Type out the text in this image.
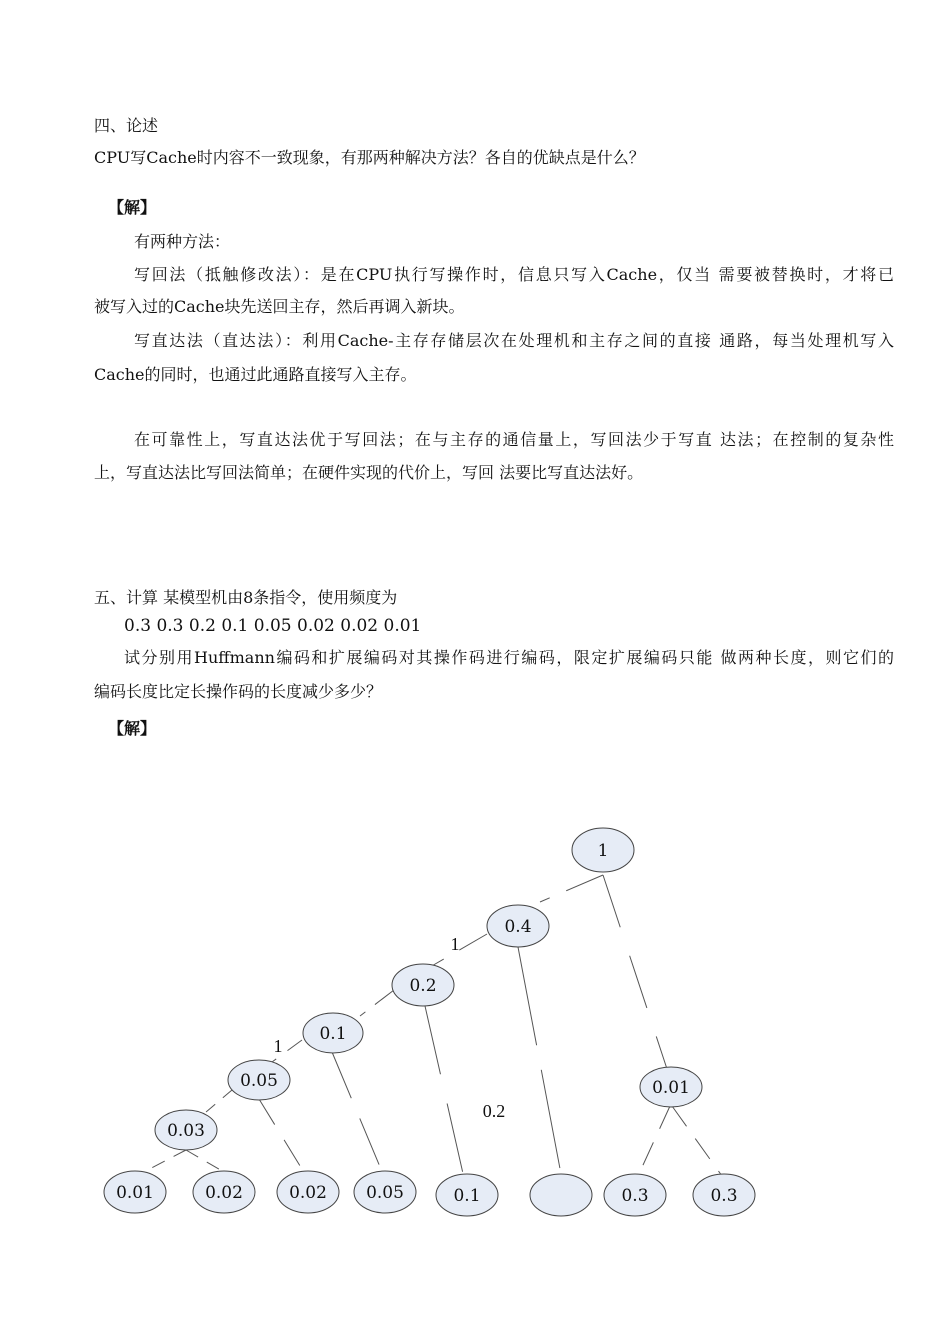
四、论述
CPU写Cache时内容不一致现象，有那两种解决方法？各自的优缺点是什么？
【解】
有两种方法：
写回法（抵触修改法）：是在CPU执行写操作时，信息只写入Cache，仅当 需要被替换时，才将已
被写入过的Cache块先送回主存，然后再调入新块。
写直达法（直达法）：利用Cache-主存存储层次在处理机和主存之间的直接 通路，每当处理机写入
Cache的同时，也通过此通路直接写入主存。
在可靠性上，写直达法优于写回法；在与主存的通信量上，写回法少于写直 达法；在控制的复杂性
上，写直达法比写回法简单；在硬件实现的代价上，写回 法要比写直达法好。
五、计算 某模型机由8条指令，使用频度为
0.3 0.3 0.2 0.1 0.05 0.02 0.02 0.01
试分别用Huffmann编码和扩展编码对其操作码进行编码，限定扩展编码只能 做两种长度，则它们的
编码长度比定长操作码的长度减少多少？
【解】
1
0.4
0.2
0.1
0.05
0.03
0.01
0.01	0.02	0.02 0.05	0.1	0.3	0.3
1
1
0.2
